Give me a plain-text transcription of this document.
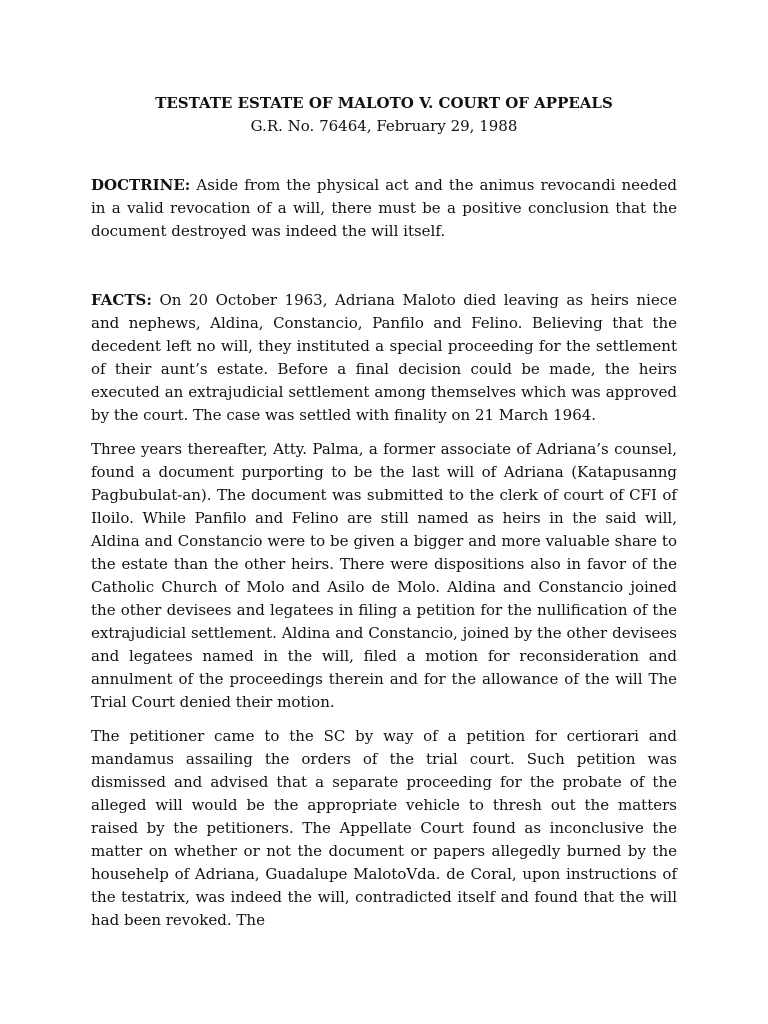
TESTATE ESTATE OF MALOTO V. COURT OF APPEALS

G.R. No. 76464, February 29, 1988

DOCTRINE: Aside from the physical act and the animus revocandi needed in a valid revocation of a will, there must be a positive conclusion that the document destroyed was indeed the will itself.

FACTS: On 20 October 1963, Adriana Maloto died leaving as heirs niece and nephews, Aldina, Constancio, Panfilo and Felino. Believing that the decedent left no will, they instituted a special proceeding for the settlement of their aunt’s estate. Before a final decision could be made, the heirs executed an extrajudicial settlement among themselves which was approved by the court. The case was settled with finality on 21 March 1964.

Three years thereafter, Atty. Palma, a former associate of Adriana’s counsel, found a document purporting to be the last will of Adriana (Katapusanng Pagbubulat-an). The document was submitted to the clerk of court of CFI of Iloilo. While Panfilo and Felino are still named as heirs in the said will, Aldina and Constancio were to be given a bigger and more valuable share to the estate than the other heirs. There were dispositions also in favor of the Catholic Church of Molo and Asilo de Molo. Aldina and Constancio joined the other devisees and legatees in filing a petition for the nullification of the extrajudicial settlement. Aldina and Constancio, joined by the other devisees and legatees named in the will, filed a motion for reconsideration and annulment of the proceedings therein and for the allowance of the will The Trial Court denied their motion.

The petitioner came to the SC by way of a petition for certiorari and mandamus assailing the orders of the trial court. Such petition was dismissed and advised that a separate proceeding for the probate of the alleged will would be the appropriate vehicle to thresh out the matters raised by the petitioners. The Appellate Court found as inconclusive the matter on whether or not the document or papers allegedly burned by the househelp of Adriana, Guadalupe MalotoVda. de Coral, upon instructions of the testatrix, was indeed the will, contradicted itself and found that the will had been revoked. The
